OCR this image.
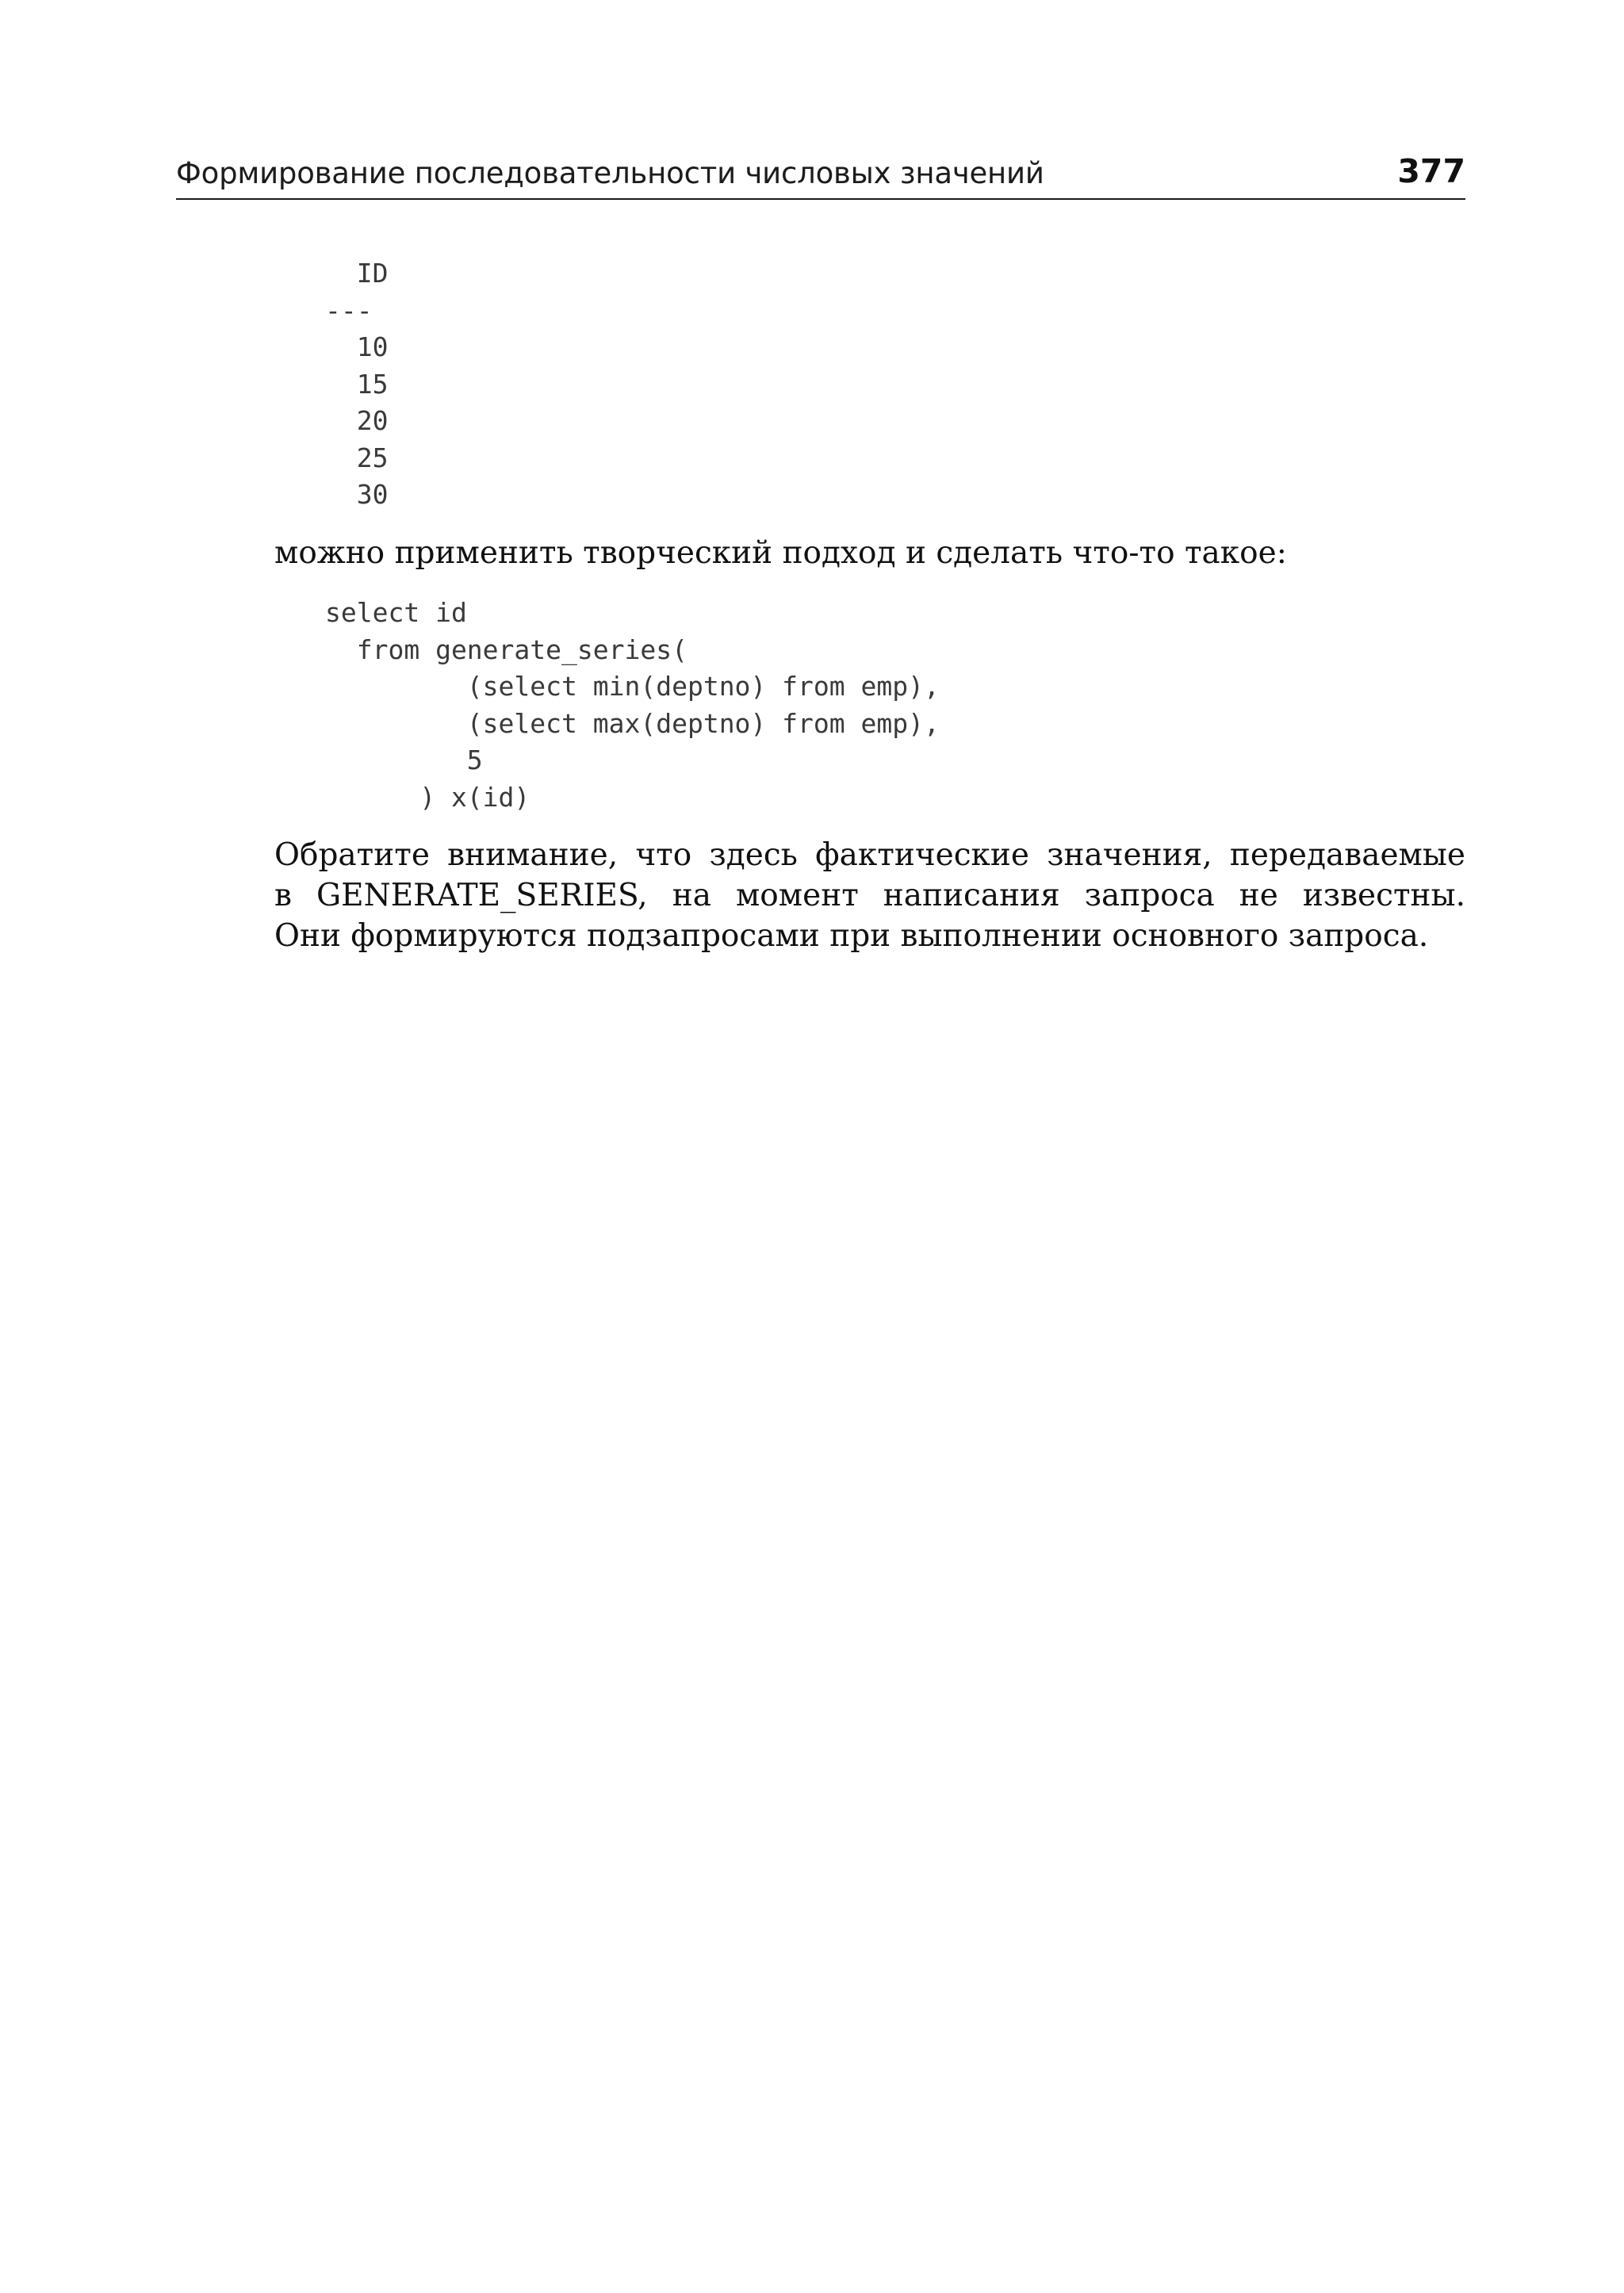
Формирование последовательности числовых значений	377
ID
---
10
15
20
25
30

можно применить творческий подход и сделать что-то такое:

select id
from generate_series(
(select min(deptno) from emp),
(select max(deptno) from emp),
5
) x(id)
Обратите внимание, что здесь фактические значения, передаваемые
в GENERATE_SERIES, на момент написания запроса не известны.
Они формируются подзапросами при выполнении основного запроса.
